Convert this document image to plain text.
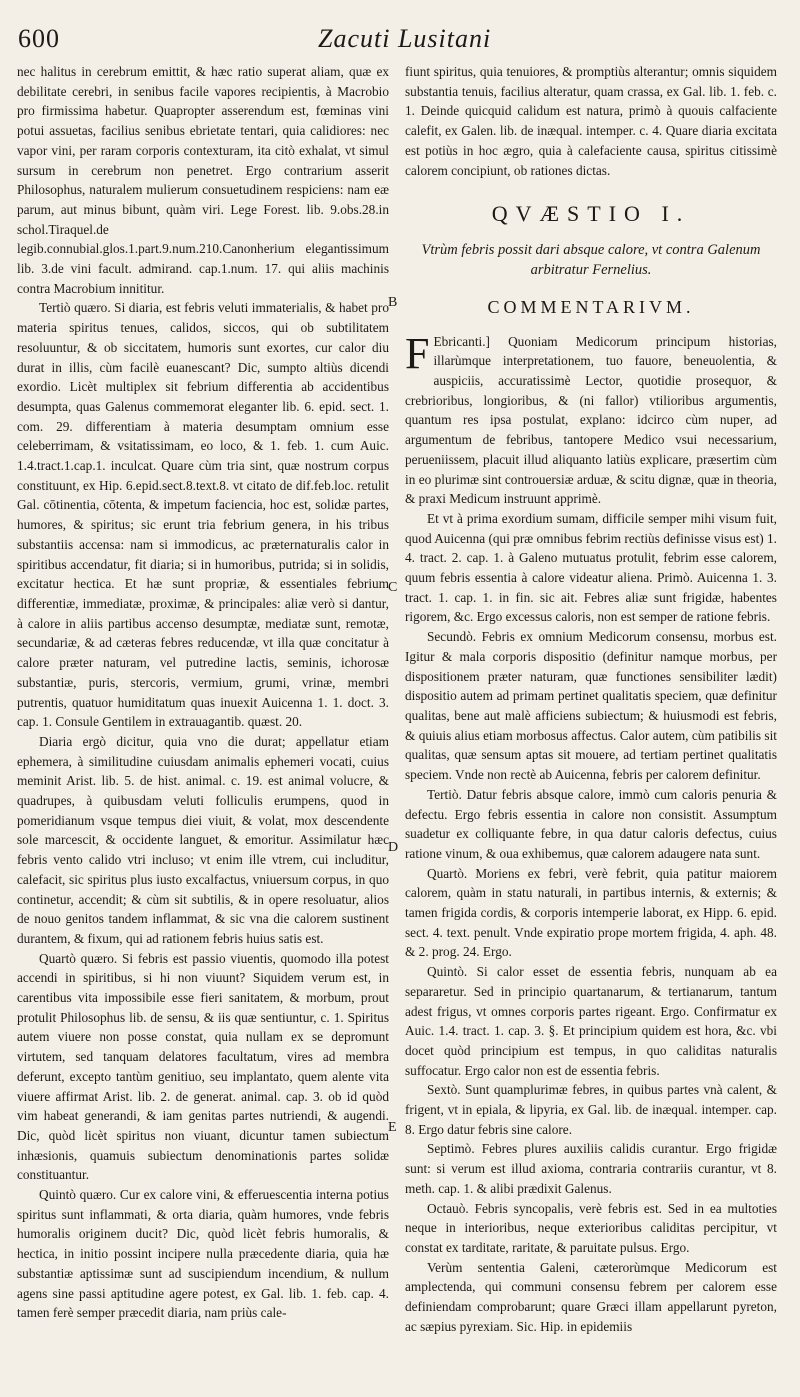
600	Zacuti Lusitani

nec halitus in cerebrum emittit, & hæc ratio superat aliam, quæ ex debilitate cerebri, in senibus facile vapores recipientis, à Macrobio pro firmissima habetur. Quapropter asserendum est, fœminas vini potui assuetas, facilius senibus ebrietate tentari, quia calidiores: nec vapor vini, per raram corporis contexturam, ita citò exhalat, vt simul sursum in cerebrum non penetret. Ergo contrarium asserit Philosophus, naturalem mulierum consuetudinem respiciens: nam eæ parum, aut minus bibunt, quàm viri. Lege Forest. lib. 9.obs.28.in schol.Tiraquel.de legib.connubial.glos.1.part.9.num.210.Canonherium elegantissimum lib. 3.de vini facult. admirand. cap.1.num. 17. qui aliis machinis contra Macrobium innititur.

Tertiò quæro. Si diaria, est febris veluti immaterialis, & habet pro materia spiritus tenues, calidos, siccos, qui ob subtilitatem resoluuntur, & ob siccitatem, humoris sunt exortes, cur calor diu durat in illis, cùm facilè euanescant? Dic, sumpto altiùs dicendi exordio. Licèt multiplex sit febrium differentia ab accidentibus desumpta, quas Galenus commemorat eleganter lib. 6. epid. sect. 1. com. 29. differentiam à materia desumptam omnium esse celeberrimam, & vsitatissimam, eo loco, & 1. feb. 1. cum Auic. 1.4.tract.1.cap.1. inculcat. Quare cùm tria sint, quæ nostrum corpus constituunt, ex Hip. 6.epid.sect.8.text.8. vt citato de dif.feb.loc. retulit Gal. cōtinentia, cōtenta, & impetum faciencia, hoc est, solidæ partes, humores, & spiritus; sic erunt tria febrium genera, in his tribus substantiis accensa: nam si immodicus, ac præternaturalis calor in spiritibus accendatur, fit diaria; si in humoribus, putrida; si in solidis, excitatur hectica. Et hæ sunt propriæ, & essentiales febrium differentiæ, immediatæ, proximæ, & principales: aliæ verò si dantur, à calore in aliis partibus accenso desumptæ, mediatæ sunt, remotæ, secundariæ, & ad cæteras febres reducendæ, vt illa quæ concitatur à calore præter naturam, vel putredine lactis, seminis, ichorosæ substantiæ, puris, stercoris, vermium, grumi, vrinæ, membri putrentis, quatuor humiditatum quas inuexit Auicenna 1. 1. doct. 3. cap. 1. Consule Gentilem in extrauagantib. quæst. 20.

Diaria ergò dicitur, quia vno die durat; appellatur etiam ephemera, à similitudine cuiusdam animalis ephemeri vocati, cuius meminit Arist. lib. 5. de hist. animal. c. 19. est animal volucre, & quadrupes, à quibusdam veluti folliculis erumpens, quod in pomeridianum vsque tempus diei viuit, & volat, mox descendente sole marcescit, & occidente languet, & emoritur. Assimilatur hæc febris vento calido vtri incluso; vt enim ille vtrem, cui includitur, calefacit, sic spiritus plus iusto excalfactus, vniuersum corpus, in quo continetur, accendit; & cùm sit subtilis, & in opere resoluatur, alios de nouo genitos tandem inflammat, & sic vna die calorem sustinent durantem, & fixum, qui ad rationem febris huius satis est.

Quartò quæro. Si febris est passio viuentis, quomodo illa potest accendi in spiritibus, si hi non viuunt? Siquidem verum est, in carentibus vita impossibile esse fieri sanitatem, & morbum, prout protulit Philosophus lib. de sensu, & iis quæ sentiuntur, c. 1. Spiritus autem viuere non posse constat, quia nullam ex se depromunt virtutem, sed tanquam delatores facultatum, vires ad membra deferunt, excepto tantùm genitiuo, seu implantato, quem alente vita viuere affirmat Arist. lib. 2. de generat. animal. cap. 3. ob id quòd vim habeat generandi, & iam genitas partes nutriendi, & augendi. Dic, quòd licèt spiritus non viuant, dicuntur tamen subiectum inhæsionis, quamuis subiectum denominationis partes solidæ constituantur.

Quintò quæro. Cur ex calore vini, & efferuescentia interna potius spiritus sunt inflammati, & orta diaria, quàm humores, vnde febris humoralis originem ducit? Dic, quòd licèt febris humoralis, & hectica, in initio possint incipere nulla præcedente diaria, quia hæ substantiæ aptissimæ sunt ad suscipiendum incendium, & nullum agens sine passi aptitudine agere potest, ex Gal. lib. 1. feb. cap. 4. tamen ferè semper præcedit diaria, nam priùs cale-

B
C
D
E

fiunt spiritus, quia tenuiores, & promptiùs alterantur; omnis siquidem substantia tenuis, facilius alteratur, quam crassa, ex Gal. lib. 1. feb. c. 1. Deinde quicquid calidum est natura, primò à quouis calfaciente calefit, ex Galen. lib. de inæqual. intemper. c. 4. Quare diaria excitata est potiùs in hoc ægro, quia à calefaciente causa, spiritus citissimè calorem concipiunt, ob rationes dictas.

QVÆSTIO I.
Vtrùm febris possit dari absque calore, vt contra Galenum arbitratur Fernelius.
COMMENTARIVM.

F Ebricanti.] Quoniam Medicorum principum historias, illarùmque interpretationem, tuo fauore, beneuolentia, & auspiciis, accuratissimè Lector, quotidie prosequor, & crebrioribus, longioribus, & (ni fallor) vtilioribus argumentis, quantum res ipsa postulat, explano: idcirco cùm nuper, ad argumentum de febribus, tantopere Medico vsui necessarium, perueniissem, placuit illud aliquanto latiùs explicare, præsertim cùm in eo plurimæ sint controuersiæ arduæ, & scitu dignæ, quæ in theoria, & praxi Medicum instruunt apprimè.

Et vt à prima exordium sumam, difficile semper mihi visum fuit, quod Auicenna (qui præ omnibus febrim rectiùs definisse visus est) 1. 4. tract. 2. cap. 1. à Galeno mutuatus protulit, febrim esse calorem, quum febris essentia à calore videatur aliena. Primò. Auicenna 1. 3. tract. 1. cap. 1. in fin. sic ait. Febres aliæ sunt frigidæ, habentes rigorem, &c. Ergo excessus caloris, non est semper de ratione febris.

Secundò. Febris ex omnium Medicorum consensu, morbus est. Igitur & mala corporis dispositio (definitur namque morbus, per dispositionem præter naturam, quæ functiones sensibiliter lædit) dispositio autem ad primam pertinet qualitatis speciem, quæ definitur qualitas, bene aut malè afficiens subiectum; & huiusmodi est febris, & quiuis alius etiam morbosus affectus. Calor autem, cùm patibilis sit qualitas, quæ sensum aptas sit mouere, ad tertiam pertinet qualitatis speciem. Vnde non rectè ab Auicenna, febris per calorem definitur.

Tertiò. Datur febris absque calore, immò cum caloris penuria & defectu. Ergo febris essentia in calore non consistit. Assumptum suadetur ex colliquante febre, in qua datur caloris defectus, cuius ratione vinum, & oua exhibemus, quæ calorem adaugere nata sunt.

Quartò. Moriens ex febri, verè febrit, quia patitur maiorem calorem, quàm in statu naturali, in partibus internis, & externis; & tamen frigida cordis, & corporis intemperie laborat, ex Hipp. 6. epid. sect. 4. text. penult. Vnde expiratio prope mortem frigida, 4. aph. 48. & 2. prog. 24. Ergo.

Quintò. Si calor esset de essentia febris, nunquam ab ea separaretur. Sed in principio quartanarum, & tertianarum, tantum adest frigus, vt omnes corporis partes rigeant. Ergo. Confirmatur ex Auic. 1.4. tract. 1. cap. 3. §. Et principium quidem est hora, &c. vbi docet quòd principium est tempus, in quo caliditas naturalis suffocatur. Ergo calor non est de essentia febris.

Sextò. Sunt quamplurimæ febres, in quibus partes vnà calent, & frigent, vt in epiala, & lipyria, ex Gal. lib. de inæqual. intemper. cap. 8. Ergo datur febris sine calore.

Septimò. Febres plures auxiliis calidis curantur. Ergo frigidæ sunt: si verum est illud axioma, contraria contrariis curantur, vt 8. meth. cap. 1. & alibi prædixit Galenus.

Octauò. Febris syncopalis, verè febris est. Sed in ea multoties neque in interioribus, neque exterioribus caliditas percipitur, vt constat ex tarditate, raritate, & paruitate pulsus. Ergo.

Verùm sententia Galeni, cæterorùmque Medicorum est amplectenda, qui communi consensu febrem per calorem esse definiendam comprobarunt; quare Græci illam appellarunt pyreton, ac sæpius pyrexiam. Sic. Hip. in epidemiis
